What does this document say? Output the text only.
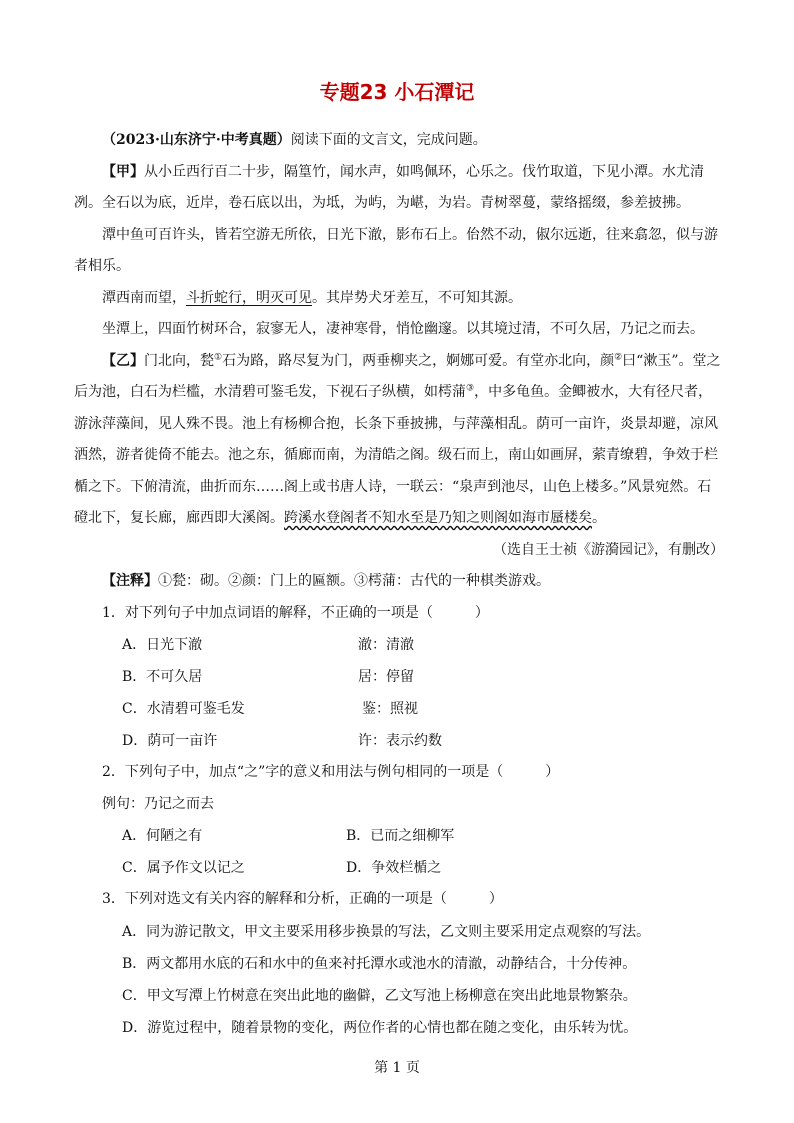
专题23 小石潭记

（2023·山东济宁·中考真题）阅读下面的文言文，完成问题。

【甲】从小丘西行百二十步，隔篁竹，闻水声，如鸣佩环，心乐之。伐竹取道，下见小潭。水尤清冽。全石以为底，近岸，卷石底以出，为坻，为屿，为嵁，为岩。青树翠蔓，蒙络摇缀，参差披拂。

潭中鱼可百许头，皆若空游无所依，日光下澈，影布石上。佁然不动，俶尔远逝，往来翕忽，似与游者相乐。

潭西南而望，斗折蛇行，明灭可见。其岸势犬牙差互，不可知其源。

坐潭上，四面竹树环合，寂寥无人，凄神寒骨，悄怆幽邃。以其境过清，不可久居，乃记之而去。

【乙】门北向，甃①石为路，路尽复为门，两垂柳夹之，婀娜可爱。有堂亦北向，颜②曰“漱玉”。堂之后为池，白石为栏槛，水清碧可鉴毛发，下视石子纵横，如樗蒲③，中多龟鱼。金鲫被水，大有径尺者，游泳萍藻间，见人殊不畏。池上有杨柳合抱，长条下垂披拂，与萍藻相乱。荫可一亩许，炎景却避，凉风洒然，游者徙倚不能去。池之东，循廊而南，为清皓之阁。级石而上，南山如画屏，萦青缭碧，争效于栏楯之下。下俯清流，曲折而东……阁上或书唐人诗，一联云：“泉声到池尽，山色上楼多。”风景宛然。石磴北下，复长廊，廊西即大溪阁。跨溪水登阁者不知水至是乃知之则阁如海市蜃楼矣。

（选自王士祯《游漪园记》，有删改）

【注释】①甃：砌。②颜：门上的匾额。③樗蒲：古代的一种棋类游戏。

1．对下列句子中加点词语的解释，不正确的一项是（　　　）

A．日光下澈	澈：清澈
B．不可久居	居：停留
C．水清碧可鉴毛发	鉴：照视
D．荫可一亩许	许：表示约数

2．下列句子中，加点“之”字的意义和用法与例句相同的一项是（　　　）

例句：乃记之而去

A．何陋之有	B．已而之细柳军
C．属予作文以记之	D．争效栏楯之

3．下列对选文有关内容的解释和分析，正确的一项是（　　　）

A．同为游记散文，甲文主要采用移步换景的写法，乙文则主要采用定点观察的写法。
B．两文都用水底的石和水中的鱼来衬托潭水或池水的清澈，动静结合，十分传神。
C．甲文写潭上竹树意在突出此地的幽僻，乙文写池上杨柳意在突出此地景物繁杂。
D．游览过程中，随着景物的变化，两位作者的心情也都在随之变化，由乐转为忧。
第 1 页
